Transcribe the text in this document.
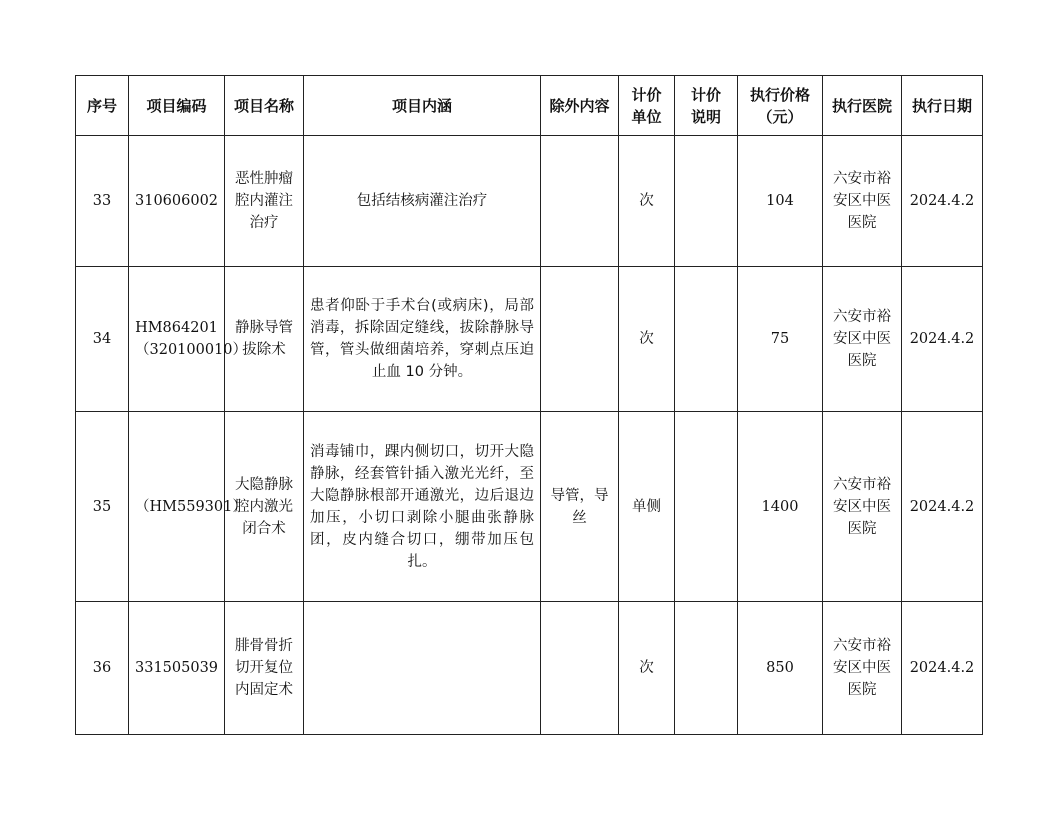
序号	项目编码	项目名称	项目内涵	除外内容	计价单位	计价说明	执行价格（元）	执行医院	执行日期
33	310606002	恶性肿瘤腔内灌注治疗	包括结核病灌注治疗		次		104	六安市裕安区中医医院	2024.4.2
34	HM864201（320100010）	静脉导管拔除术	患者仰卧于手术台(或病床)，局部消毒，拆除固定缝线，拔除静脉导管，管头做细菌培养，穿刺点压迫止血 10 分钟。		次		75	六安市裕安区中医医院	2024.4.2
35	（HM559301）	大隐静脉腔内激光闭合术	消毒铺巾，踝内侧切口，切开大隐静脉，经套管针插入激光光纤，至大隐静脉根部开通激光，边后退边加压，小切口剥除小腿曲张静脉团，皮内缝合切口，绷带加压包扎。	导管，导丝	单侧		1400	六安市裕安区中医医院	2024.4.2
36	331505039	腓骨骨折切开复位内固定术			次		850	六安市裕安区中医医院	2024.4.2
